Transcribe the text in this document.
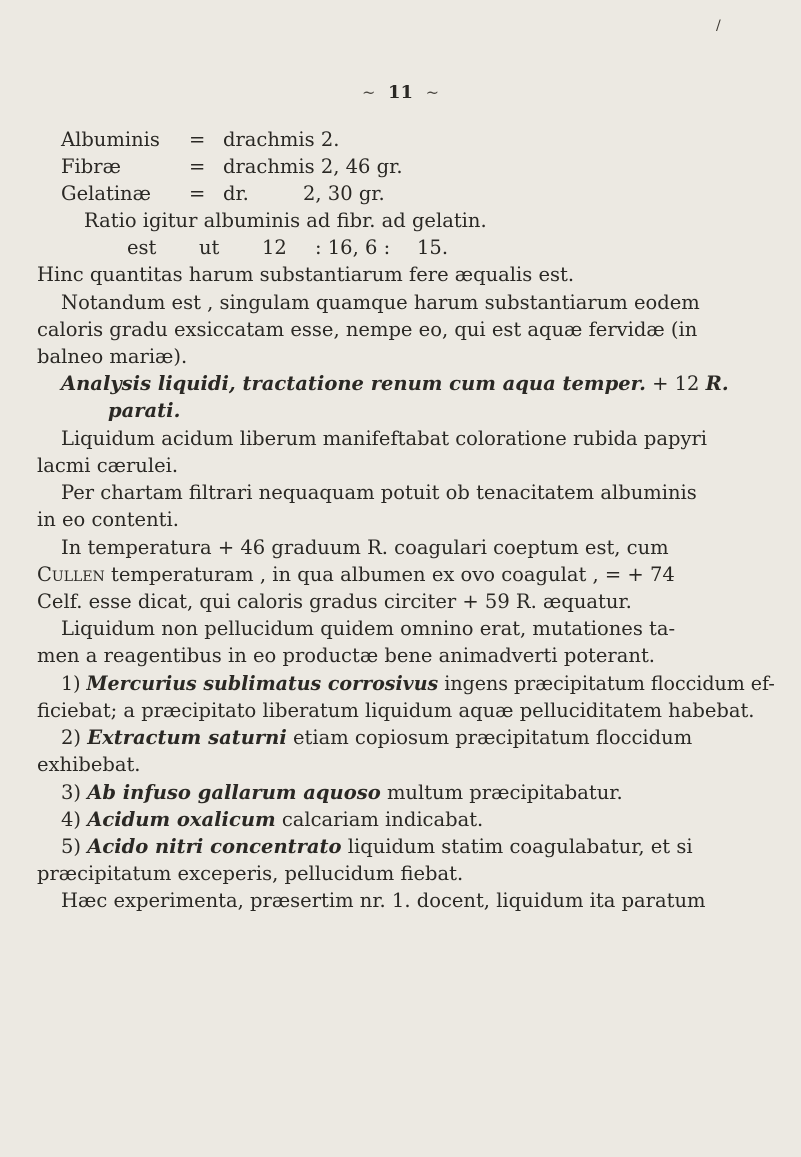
/
~ 11 ~
Albuminis = drachmis 2.
Fibræ	= drachmis 2, 46 gr.
Gelatinæ = dr.	2, 30 gr.
Ratio igitur albuminis ad fibr. ad gelatin.
est ut 12 : 16, 6 : 15.
Hinc quantitas harum substantiarum fere æqualis est.
Notandum est , singulam quamque harum substantiarum eodem
caloris gradu exsiccatam esse, nempe eo, qui est aquæ fervidæ (in
balneo mariæ).
Analysis liquidi, tractatione renum cum aqua temper. + 12 R.
parati.
Liquidum acidum liberum manifeftabat coloratione rubida papyri
lacmi cærulei.
Per chartam filtrari nequaquam potuit ob tenacitatem albuminis
in eo contenti.
In temperatura + 46 graduum R. coagulari coeptum est, cum
Cullen temperaturam , in qua albumen ex ovo coagulat , = + 74
Celf. esse dicat, qui caloris gradus circiter + 59 R. æquatur.
Liquidum non pellucidum quidem omnino erat, mutationes ta-
men a reagentibus in eo productæ bene animadverti poterant.
1) Mercurius sublimatus corrosivus ingens præcipitatum floccidum ef-
ficiebat; a præcipitato liberatum liquidum aquæ pelluciditatem habebat.
2) Extractum saturni etiam copiosum præcipitatum floccidum
exhibebat.
3) Ab infuso gallarum aquoso multum præcipitabatur.
4) Acidum oxalicum calcariam indicabat.
5) Acido nitri concentrato liquidum statim coagulabatur, et si
præcipitatum exceperis, pellucidum fiebat.
Hæc experimenta, præsertim nr. 1. docent, liquidum ita paratum
